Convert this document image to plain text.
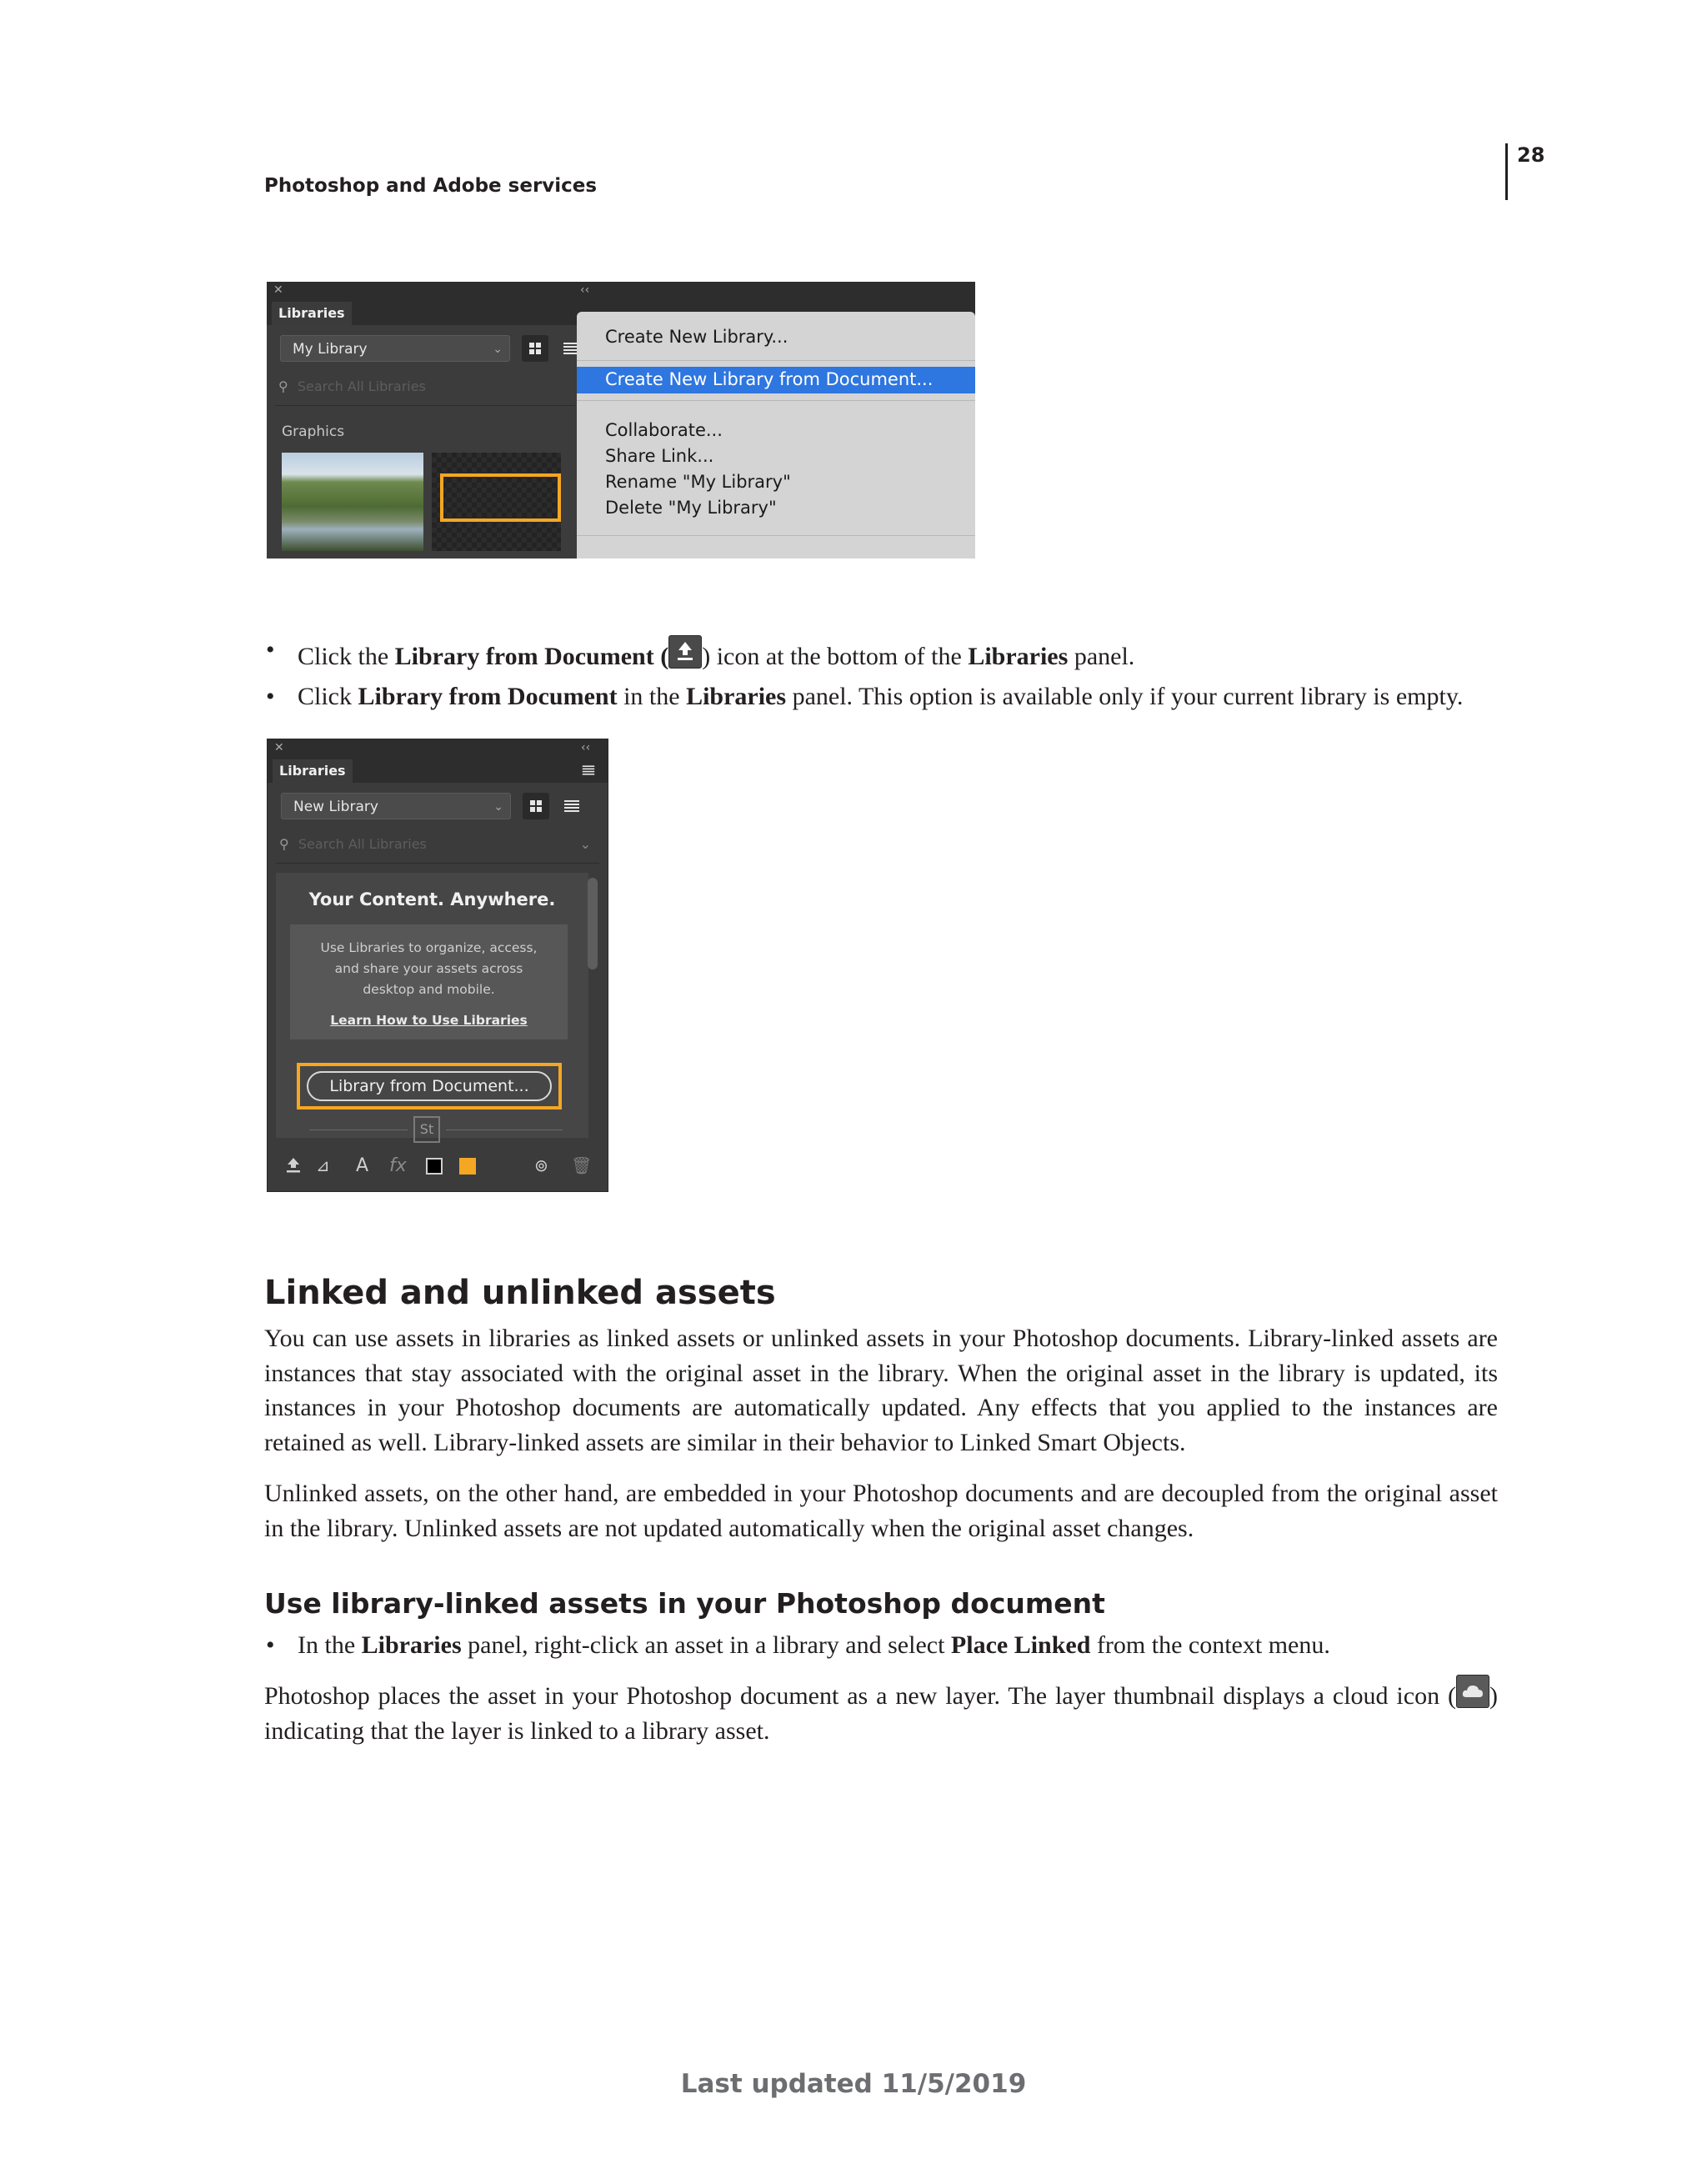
28
Photoshop and Adobe services
✕	‹‹
Libraries
My Library	⌄
⚲ Search All Libraries
Graphics
Create New Library...
Create New Library from Document...
Collaborate...
Share Link...
Rename "My Library"
Delete "My Library"
• Click the Library from Document ( ) icon at the bottom of the Libraries panel.
• Click Library from Document in the Libraries panel. This option is available only if your current library is empty.
✕	‹‹
Libraries
New Library	⌄
⚲ Search All Libraries	⌄
Your Content. Anywhere.
Use Libraries to organize, access,
and share your assets across
desktop and mobile.
Learn How to Use Libraries
Library from Document...
St
⊿ A fx	⊚ 🗑
Linked and unlinked assets
You can use assets in libraries as linked assets or unlinked assets in your Photoshop documents. Library-linked assets are instances that stay associated with the original asset in the library. When the original asset in the library is updated, its instances in your Photoshop documents are automatically updated. Any effects that you applied to the instances are retained as well. Library-linked assets are similar in their behavior to Linked Smart Objects.
Unlinked assets, on the other hand, are embedded in your Photoshop documents and are decoupled from the original asset in the library. Unlinked assets are not updated automatically when the original asset changes.
Use library-linked assets in your Photoshop document
• In the Libraries panel, right-click an asset in a library and select Place Linked from the context menu.
Photoshop places the asset in your Photoshop document as a new layer. The layer thumbnail displays a cloud icon ( ) indicating that the layer is linked to a library asset.
Last updated 11/5/2019
